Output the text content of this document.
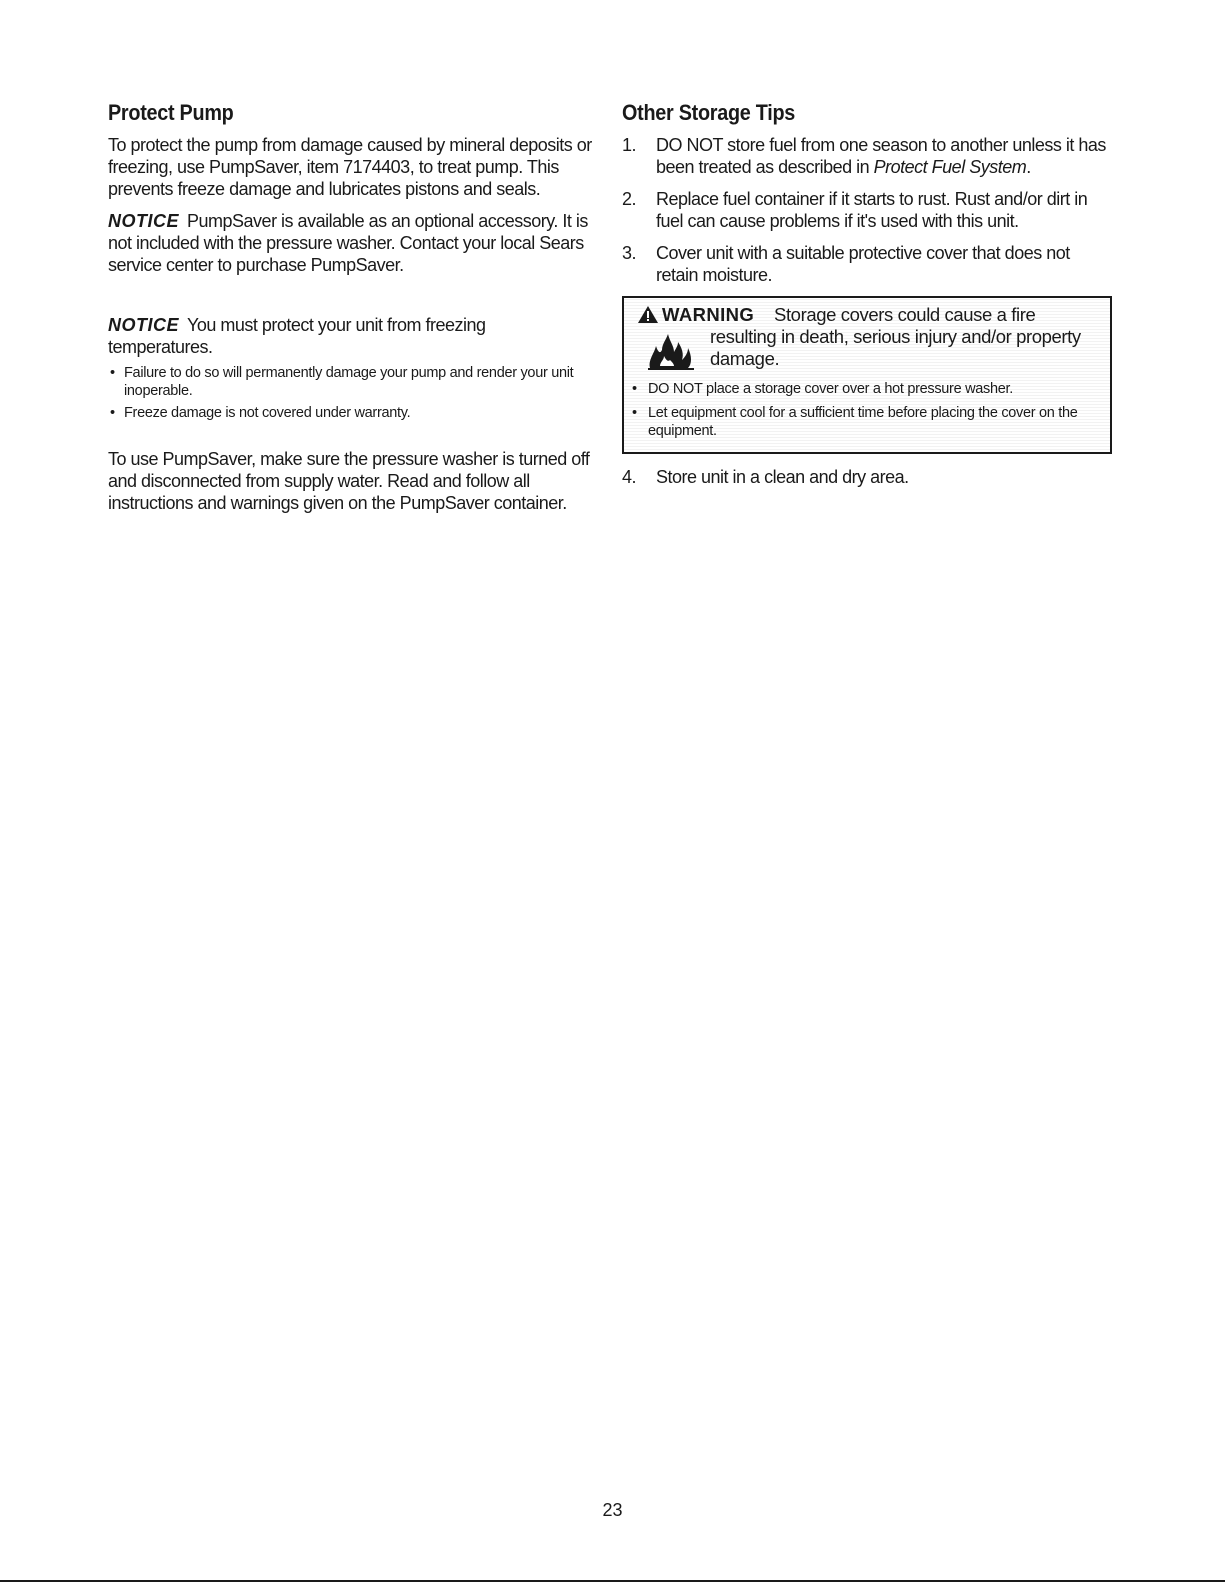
Protect Pump

To protect the pump from damage caused by mineral deposits or freezing, use PumpSaver, item 7174403, to treat pump. This prevents freeze damage and lubricates pistons and seals.

NOTICE PumpSaver is available as an optional accessory. It is not included with the pressure washer. Contact your local Sears service center to purchase PumpSaver.

NOTICE You must protect your unit from freezing temperatures.

• Failure to do so will permanently damage your pump and render your unit inoperable.
• Freeze damage is not covered under warranty.

To use PumpSaver, make sure the pressure washer is turned off and disconnected from supply water. Read and follow all instructions and warnings given on the PumpSaver container.

Other Storage Tips
1. DO NOT store fuel from one season to another unless it has been treated as described in Protect Fuel System.
2. Replace fuel container if it starts to rust. Rust and/or dirt in fuel can cause problems if it's used with this unit.
3. Cover unit with a suitable protective cover that does not retain moisture.
WARNING Storage covers could cause a fire
resulting in death, serious injury and/or property damage.
• DO NOT place a storage cover over a hot pressure washer.
• Let equipment cool for a sufficient time before placing the cover on the equipment.
4. Store unit in a clean and dry area.
23
